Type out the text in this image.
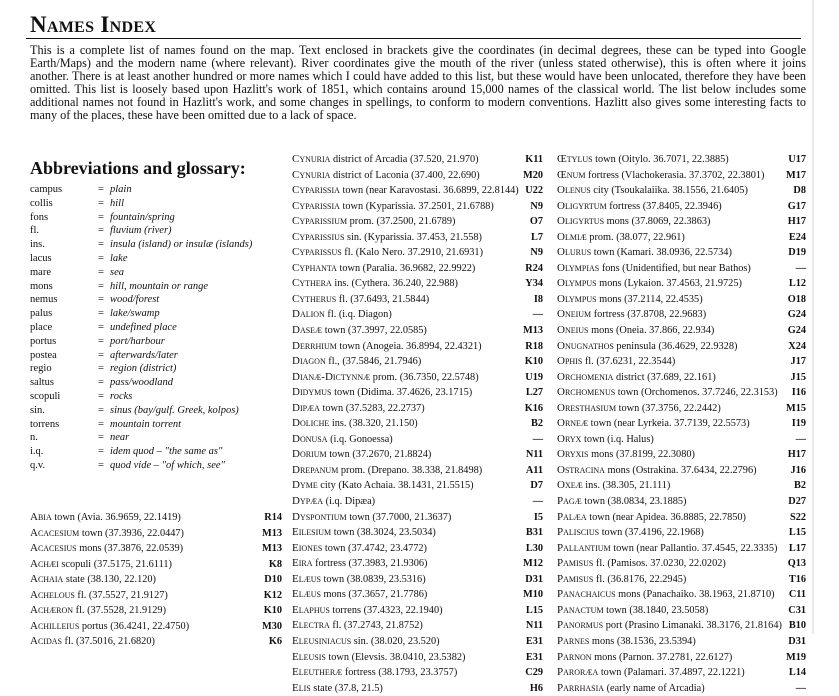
Names Index

This is a complete list of names found on the map. Text enclosed in brackets give the coordinates (in decimal degrees, these can be typed into Google Earth/Maps) and the modern name (where relevant). River coordinates give the mouth of the river (unless stated otherwise), this is often where it joins another. There is at least another hundred or more names which I could have added to this list, but these would have been unlocated, therefore they have been omitted. This list is loosely based upon Hazlitt's work of 1851, which contains around 15,000 names of the classical world. The list below includes some additional names not found in Hazlitt's work, and some changes in spellings, to conform to modern conventions. Hazlitt also gives some interesting facts to many of the places, these have been omitted due to a lack of space.

Abbreviations and glossary:
campus	= plain
collis	= hill
fons	= fountain/spring
fl.	= fluvium (river)
ins.	= insula (island) or insulæ (islands)
lacus	= lake
mare	= sea
mons	= hill, mountain or range
nemus	= wood/forest
palus	= lake/swamp
place	= undefined place
portus	= port/harbour
postea	= afterwards/later
regio	= region (district)
saltus	= pass/woodland
scopuli	= rocks
sin.	= sinus (bay/gulf. Greek, kolpos)
torrens	= mountain torrent
n.	= near
i.q.	= idem quod – "the same as"
q.v.	= quod vide – "of which, see"
Abia town (Avia. 36.9659, 22.1419)	R14
Acacesium town (37.3936, 22.0447)	M13
Acacesius mons (37.3876, 22.0539)	M13
Achæi scopuli (37.5175, 21.6111)	K8
Achaia state (38.130, 22.120)	D10
Achelous fl. (37.5527, 21.9127)	K12
Achæron fl. (37.5528, 21.9129)	K10
Achilleius portus (36.4241, 22.4750)	M30
Acidas fl. (37.5016, 21.6820)	K6
Cynuria district of Arcadia (37.520, 21.970)	K11
Cynuria district of Laconia (37.400, 22.690)	M20
Cyparissia town (near Karavostasi. 36.6899, 22.8144) U22
Cyparissia town (Kyparissia. 37.2501, 21.6788)	N9
Cyparissium prom. (37.2500, 21.6789)	O7
Cyparissius sin. (Kyparissia. 37.453, 21.558)	L7
Cyparissus fl. (Kalo Nero. 37.2910, 21.6931)	N9
Cyphanta town (Paralia. 36.9682, 22.9922)	R24
Cythera ins. (Cythera. 36.240, 22.988)	Y34
Cytherus fl. (37.6493, 21.5844)	I8
Dalion fl. (i.q. Diagon)	—
Daseæ town (37.3997, 22.0585)	M13
Derrhium town (Anogeia. 36.8994, 22.4321)	R18
Diagon fl., (37.5846, 21.7946)	K10
Dianæ-Dictynnæ prom. (36.7350, 22.5748)	U19
Didymus town (Didima. 37.4626, 23.1715)	L27
Dipæa town (37.5283, 22.2737)	K16
Doliche ins. (38.320, 21.150)	B2
Donusa (i.q. Gonoessa)	—
Dorium town (37.2670, 21.8824)	N11
Drepanum prom. (Drepano. 38.338, 21.8498)	A11
Dyme city (Kato Achaia. 38.1431, 21.5515)	D7
Dypæa (i.q. Dipæa)	—
Dyspontium town (37.7000, 21.3637)	I5
Eilesium town (38.3024, 23.5034)	B31
Eiones town (37.4742, 23.4772)	L30
Eira fortress (37.3983, 21.9306)	M12
Elæus town (38.0839, 23.5316)	D31
Elæus mons (37.3657, 21.7786)	M10
Elaphus torrens (37.4323, 22.1940)	L15
Electra fl. (37.2743, 21.8752)	N11
Eleusiniacus sin. (38.020, 23.520)	E31
Eleusis town (Elevsis. 38.0410, 23.5382)	E31
Eleutheræ fortress (38.1793, 23.3757)	C29
Elis state (37.8, 21.5)	H6
Œtylus town (Oitylo. 36.7071, 22.3885)	U17
Œnum fortress (Vlachokerasia. 37.3702, 22.3801) M17
Olenus city (Tsoukalaiika. 38.1556, 21.6405)	D8
Oligyrtum fortress (37.8405, 22.3946)	G17
Oligyrtus mons (37.8069, 22.3863)	H17
Olmiæ prom. (38.077, 22.961)	E24
Olurus town (Kamari. 38.0936, 22.5734)	D19
Olympias fons (Unidentified, but near Bathos)	—
Olympus mons (Lykaion. 37.4563, 21.9725)	L12
Olympus mons (37.2114, 22.4535)	O18
Oneium fortress (37.8708, 22.9683)	G24
Oneius mons (Oneia. 37.866, 22.934)	G24
Onugnathos peninsula (36.4629, 22.9328)	X24
Ophis fl. (37.6231, 22.3544)	J17
Orchomenia district (37.689, 22.161)	J15
Orchomenus town (Orchomenos. 37.7246, 22.3153) I16
Oresthasium town (37.3756, 22.2442)	M15
Orneæ town (near Lyrkeia. 37.7139, 22.5573)	I19
Oryx town (i.q. Halus)	—
Oryxis mons (37.8199, 22.3080)	H17
Ostracina mons (Ostrakina. 37.6434, 22.2796)	J16
Oxeæ ins. (38.305, 21.111)	B2
Pagæ town (38.0834, 23.1885)	D27
Palæa town (near Apidea. 36.8885, 22.7850)	S22
Paliscius town (37.4196, 22.1968)	L15
Pallantium town (near Pallantio. 37.4545, 22.3335) L17
Pamisus fl. (Pamisos. 37.0230, 22.0202)	Q13
Pamisus fl. (36.8176, 22.2945)	T16
Panachaicus mons (Panachaiko. 38.1963, 21.8710) C11
Panactum town (38.1840, 23.5058)	C31
Panormus port (Prasino Limanaki. 38.3176, 21.8164) B10
Parnes mons (38.1536, 23.5394)	D31
Parnon mons (Parnon. 37.2781, 22.6127)	M19
Paroræa town (Palamari. 37.4897, 22.1221)	L14
Parrhasia (early name of Arcadia)	—
